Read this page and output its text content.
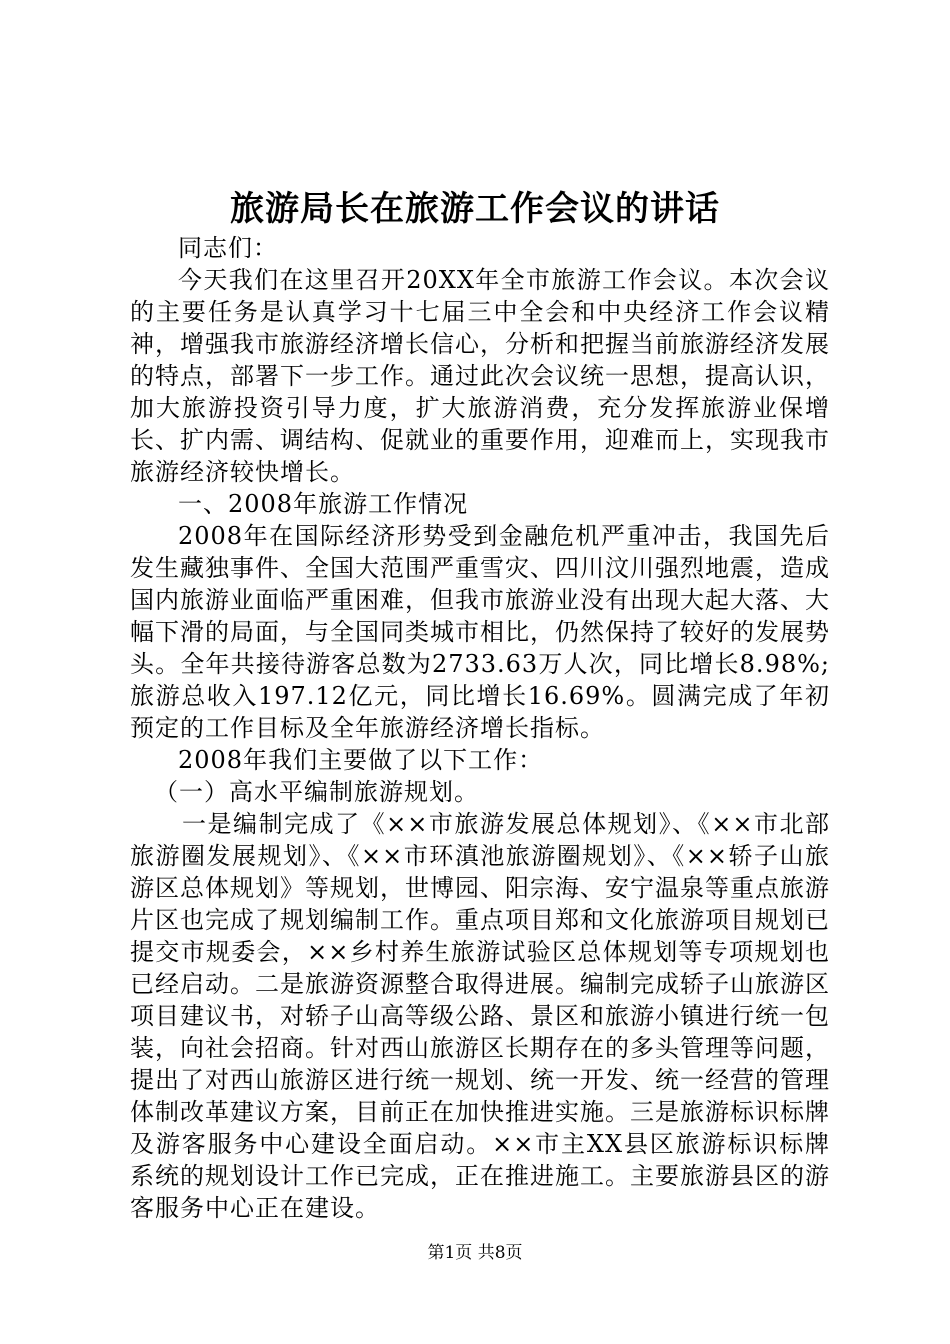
旅游局长在旅游工作会议的讲话

同志们：

今天我们在这里召开20XX年全市旅游工作会议。本次会议的主要任务是认真学习十七届三中全会和中央经济工作会议精神，增强我市旅游经济增长信心，分析和把握当前旅游经济发展的特点，部署下一步工作。通过此次会议统一思想，提高认识，加大旅游投资引导力度，扩大旅游消费，充分发挥旅游业保增长、扩内需、调结构、促就业的重要作用，迎难而上，实现我市旅游经济较快增长。

一、2008年旅游工作情况

2008年在国际经济形势受到金融危机严重冲击，我国先后发生藏独事件、全国大范围严重雪灾、四川汶川强烈地震，造成国内旅游业面临严重困难，但我市旅游业没有出现大起大落、大幅下滑的局面，与全国同类城市相比，仍然保持了较好的发展势头。全年共接待游客总数为2733.63万人次，同比增长8.98%;旅游总收入197.12亿元，同比增长16.69%。圆满完成了年初预定的工作目标及全年旅游经济增长指标。

2008年我们主要做了以下工作：

（一）高水平编制旅游规划。

一是编制完成了《××市旅游发展总体规划》、《××市北部旅游圈发展规划》、《××市环滇池旅游圈规划》、《××轿子山旅游区总体规划》等规划，世博园、阳宗海、安宁温泉等重点旅游片区也完成了规划编制工作。重点项目郑和文化旅游项目规划已提交市规委会，××乡村养生旅游试验区总体规划等专项规划也已经启动。二是旅游资源整合取得进展。编制完成轿子山旅游区项目建议书，对轿子山高等级公路、景区和旅游小镇进行统一包装，向社会招商。针对西山旅游区长期存在的多头管理等问题，提出了对西山旅游区进行统一规划、统一开发、统一经营的管理体制改革建议方案，目前正在加快推进实施。三是旅游标识标牌及游客服务中心建设全面启动。××市主XX县区旅游标识标牌系统的规划设计工作已完成，正在推进施工。主要旅游县区的游客服务中心正在建设。

第1页 共8页
